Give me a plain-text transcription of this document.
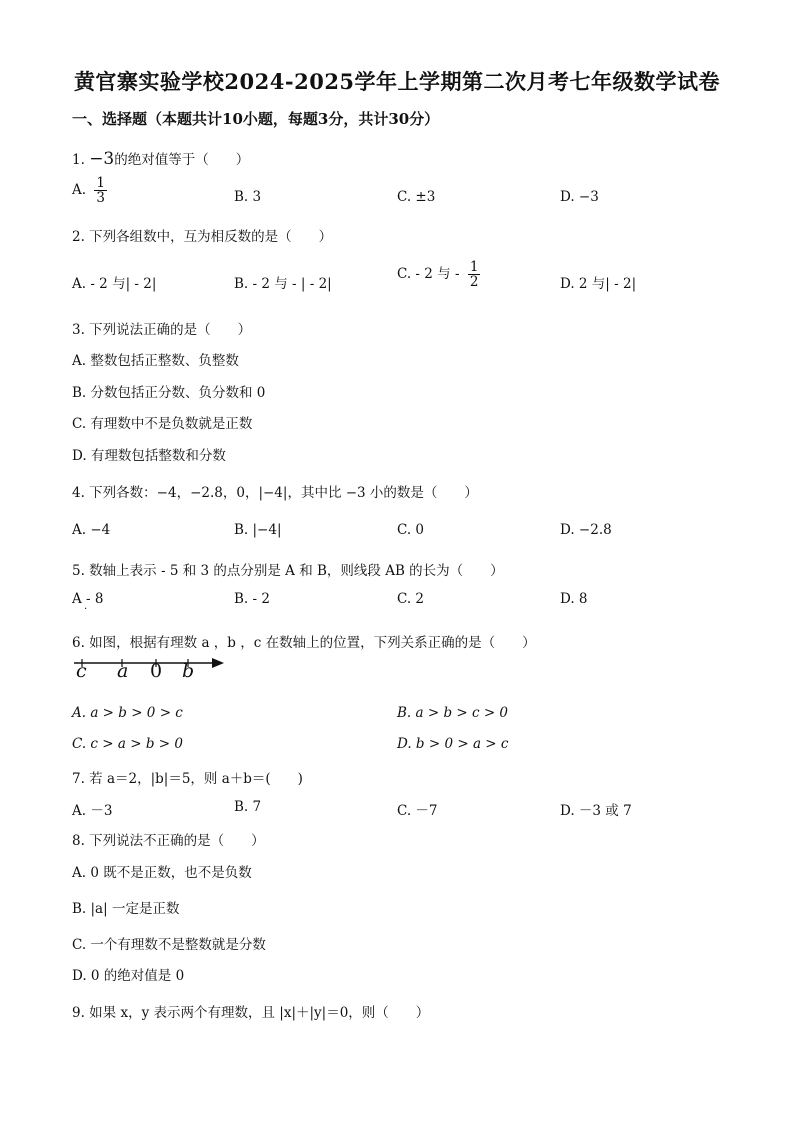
黄官寨实验学校2024-2025学年上学期第二次月考七年级数学试卷
一、选择题（本题共计10小题，每题3分，共计30分）
1. −3的绝对值等于（　　）
A. $\frac{1}{3}$	B. 3	C. ±3	D. −3
2. 下列各组数中，互为相反数的是（　　）
A. - 2 与| - 2|	B. - 2 与 - | - 2|
C. - 2 与 - $\frac{1}{2}$	D. 2 与| - 2|
3. 下列说法正确的是（　　）
A. 整数包括正整数、负整数
B. 分数包括正分数、负分数和 0
C. 有理数中不是负数就是正数
D. 有理数包括整数和分数
4. 下列各数：−4，−2.8，0，|−4|，其中比 −3 小的数是（　　）
A. −4	B. |−4|	C. 0	D. −2.8
5. 数轴上表示 - 5 和 3 的点分别是 A 和 B，则线段 AB 的长为（　　）
A - 8
·
B. - 2	C. 2	D. 8
6. 如图，根据有理数 a ，b ，c 在数轴上的位置，下列关系正确的是（　　）
c a 0 b
A. a > b > 0 > c	B. a > b > c > 0
C. c > a > b > 0	D. b > 0 > a > c
7. 若 a＝2，|b|＝5，则 a＋b＝(　　)
A. －3	B. 7	C. －7	D. －3 或 7
8. 下列说法不正确的是（　　）
A. 0 既不是正数，也不是负数
B. |a| 一定是正数
C. 一个有理数不是整数就是分数
D. 0 的绝对值是 0
9. 如果 x，y 表示两个有理数，且 |x|＋|y|＝0，则（　　）
